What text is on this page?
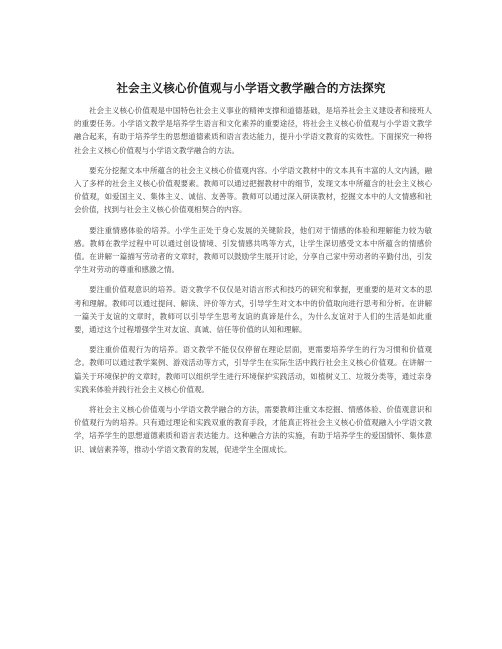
社会主义核心价值观与小学语文教学融合的方法探究

社会主义核心价值观是中国特色社会主义事业的精神支撑和道德基础，是培养社会主义建设者和接班人的重要任务。小学语文教学是培养学生语言和文化素养的重要途径，将社会主义核心价值观与小学语文教学融合起来，有助于培养学生的思想道德素质和语言表达能力，提升小学语文教育的实效性。下面探究一种将社会主义核心价值观与小学语文教学融合的方法。

要充分挖掘文本中所蕴含的社会主义核心价值观内容。小学语文教材中的文本具有丰富的人文内涵，融入了多样的社会主义核心价值观要素。教师可以通过把握教材中的细节，发现文本中所蕴含的社会主义核心价值观，如爱国主义、集体主义、诚信、友善等。教师可以通过深入研读教材，挖掘文本中的人文情感和社会价值，找到与社会主义核心价值观相契合的内容。

要注重情感体验的培养。小学生正处于身心发展的关键阶段，他们对于情感的体验和理解能力较为敏感。教师在教学过程中可以通过创设情境、引发情感共鸣等方式，让学生深切感受文本中所蕴含的情感价值。在讲解一篇描写劳动者的文章时，教师可以鼓励学生展开讨论，分享自己家中劳动者的辛勤付出，引发学生对劳动的尊重和感激之情。

要注重价值观意识的培养。语文教学不仅仅是对语言形式和技巧的研究和掌握，更重要的是对文本的思考和理解。教师可以通过提问、解读、评价等方式，引导学生对文本中的价值取向进行思考和分析。在讲解一篇关于友谊的文章时，教师可以引导学生思考友谊的真谛是什么，为什么友谊对于人们的生活是如此重要，通过这个过程增强学生对友谊、真诚、信任等价值的认知和理解。

要注重价值观行为的培养。语文教学不能仅仅停留在理论层面，更需要培养学生的行为习惯和价值观念。教师可以通过教学案例、游戏活动等方式，引导学生在实际生活中践行社会主义核心价值观。在讲解一篇关于环境保护的文章时，教师可以组织学生进行环境保护实践活动，如植树义工、垃圾分类等，通过亲身实践来体验并践行社会主义核心价值观。

将社会主义核心价值观与小学语文教学融合的方法，需要教师注重文本挖掘、情感体验、价值观意识和价值观行为的培养。只有通过理论和实践双重的教育手段，才能真正将社会主义核心价值观融入小学语文教学，培养学生的思想道德素质和语言表达能力。这种融合方法的实施，有助于培养学生的爱国情怀、集体意识、诚信素养等，推动小学语文教育的发展，促进学生全面成长。
